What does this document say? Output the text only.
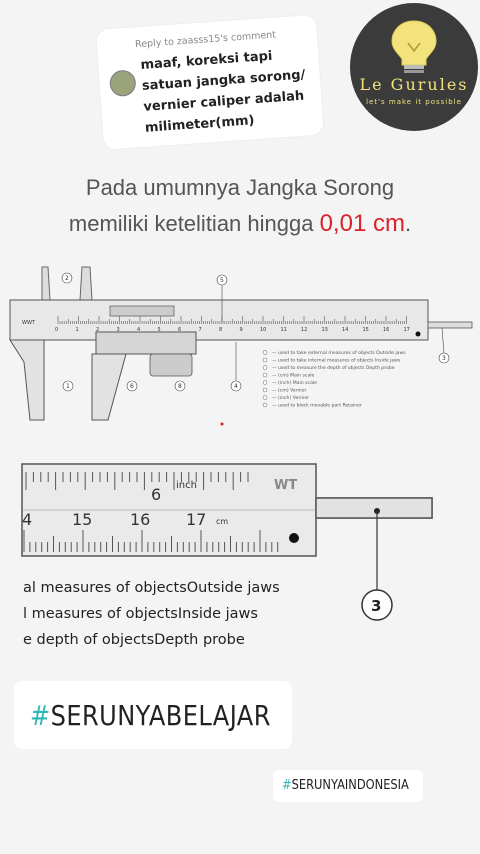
Reply to zaasss15's comment
maaf, koreksi tapi satuan jangka sorong/ vernier caliper adalah milimeter(mm)
Le Gurules
let's make it possible
Pada umumnya Jangka Sorong
memiliki ketelitian hingga 0,01 cm.
WWT
2
1
5
6	8	4
3
— used to take external measures of objects Outside jaws
— used to take internal measures of objects Inside jaws
— used to measure the depth of objects Depth probe
— (cm) Main scale
— (inch) Main scale
— (cm) Vernier
— (inch) Vernier
— used to block movable part Retainer
0	1	2	3	4	5	6	7	8	9	10	11	12	13	14	15	16	17
3
6 inch	WT
4 15 16 17 cm
al measures of objectsOutside jaws
l measures of objectsInside jaws
e depth of objectsDepth probe
#SERUNYABELAJAR
#SERUNYAINDONESIA
